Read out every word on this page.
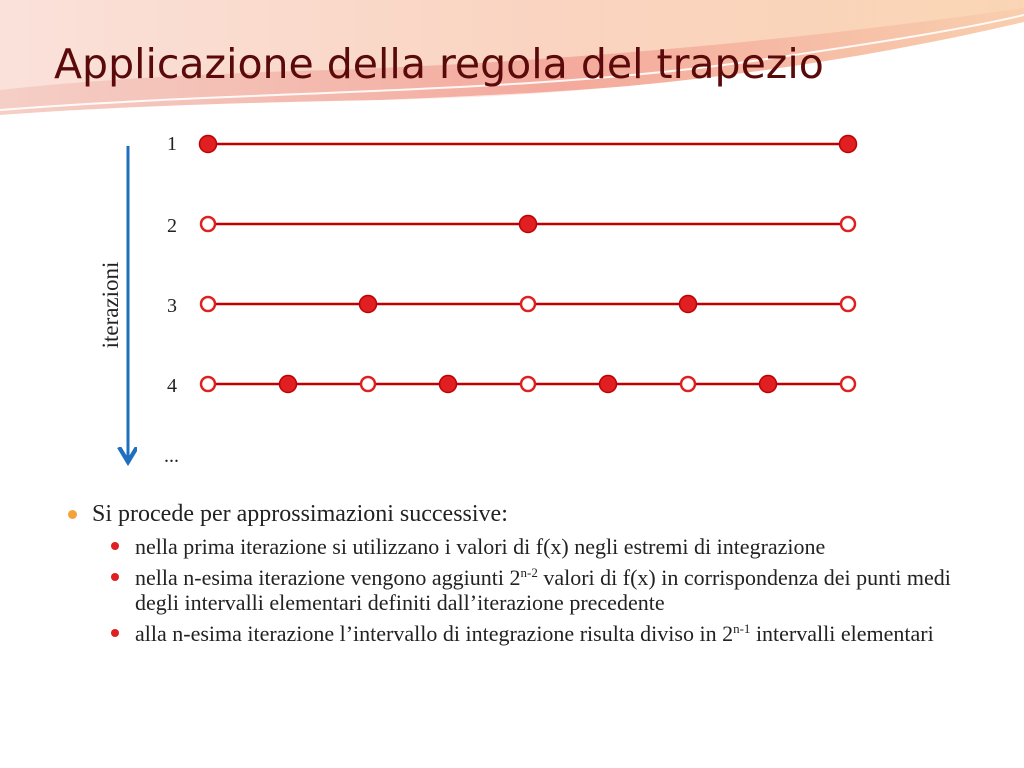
Applicazione della regola del trapezio
iterazioni
1
2
3
4
...
Si procede per approssimazioni successive:
nella prima iterazione si utilizzano i valori di f(x) negli estremi di integrazione
nella n-esima iterazione vengono aggiunti 2$^{n-2}$ valori di f(x) in corrispondenza dei punti medi degli intervalli elementari definiti dall’iterazione precedente
alla n-esima iterazione l’intervallo di integrazione risulta diviso in 2$^{n-1}$ intervalli elementari
